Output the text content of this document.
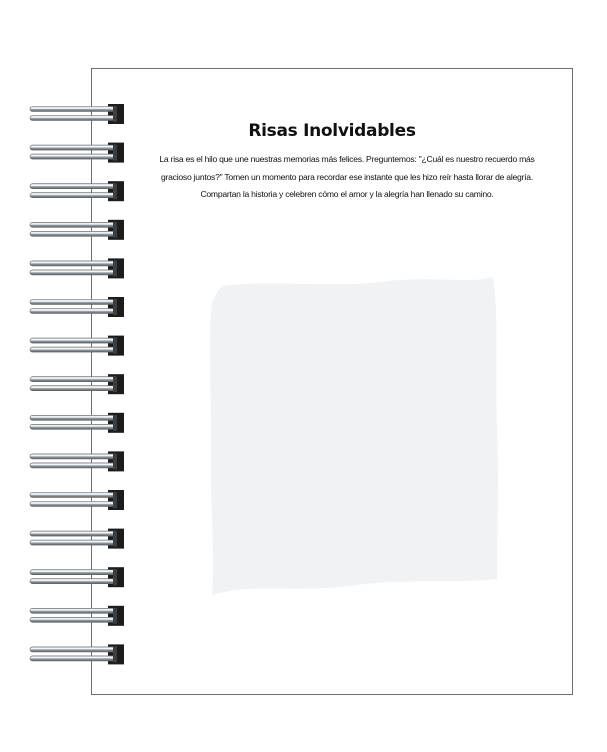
Risas Inolvidables

La risa es el hilo que une nuestras memorias más felices. Preguntemos: "¿Cuál es nuestro recuerdo más gracioso juntos?" Tomen un momento para recordar ese instante que les hizo reír hasta llorar de alegría. Compartan la historia y celebren cómo el amor y la alegría han llenado su camino.
